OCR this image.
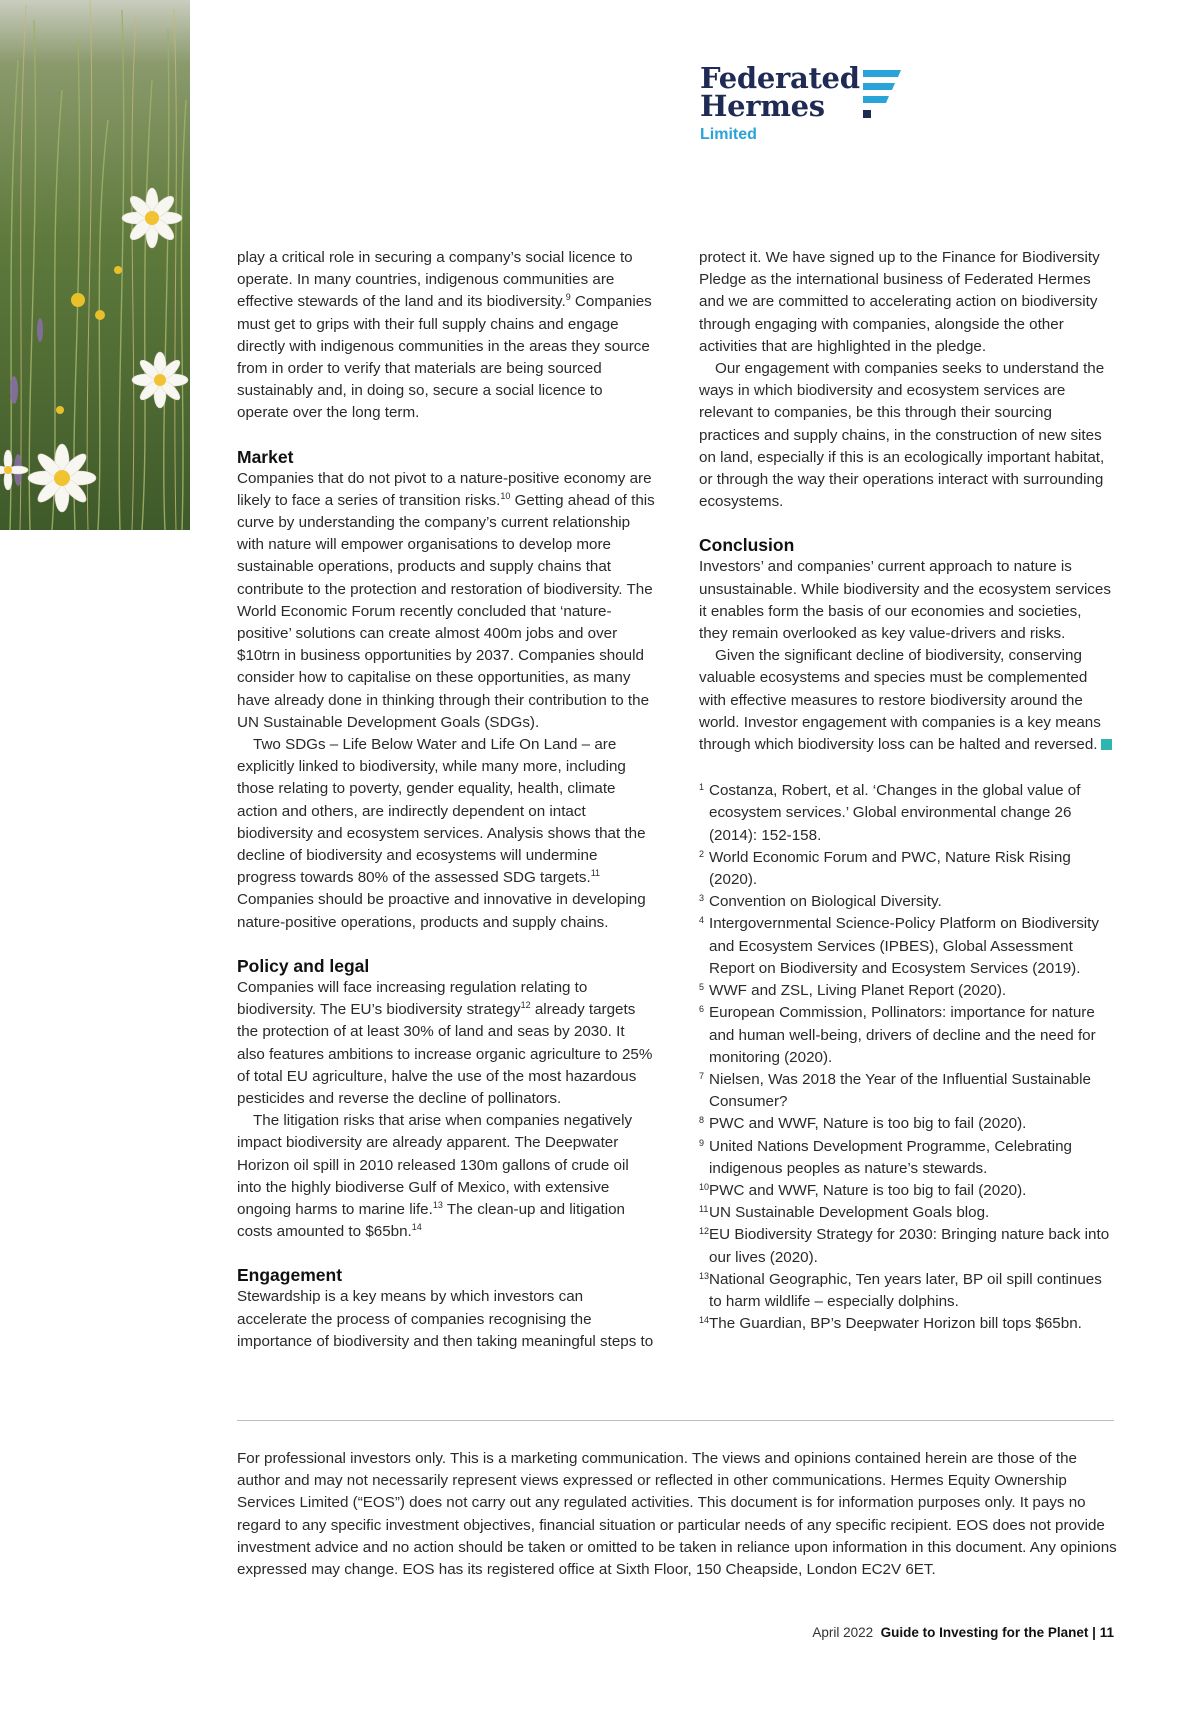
Federated
Hermes
Limited

play a critical role in securing a company’s social licence to operate. In many countries, indigenous communities are effective stewards of the land and its biodiversity.$^9$ Companies must get to grips with their full supply chains and engage directly with indigenous communities in the areas they source from in order to verify that materials are being sourced sustainably and, in doing so, secure a social licence to operate over the long term.

Market

Companies that do not pivot to a nature-positive economy are likely to face a series of transition risks.$^{10}$ Getting ahead of this curve by understanding the company’s current relationship with nature will empower organisations to develop more sustainable operations, products and supply chains that contribute to the protection and restoration of biodiversity. The World Economic Forum recently concluded that ‘nature-positive’ solutions can create almost 400m jobs and over $10trn in business opportunities by 2037. Companies should consider how to capitalise on these opportunities, as many have already done in thinking through their contribution to the UN Sustainable Development Goals (SDGs).

Two SDGs – Life Below Water and Life On Land – are explicitly linked to biodiversity, while many more, including those relating to poverty, gender equality, health, climate action and others, are indirectly dependent on intact biodiversity and ecosystem services. Analysis shows that the decline of biodiversity and ecosystems will undermine progress towards 80% of the assessed SDG targets.$^{11}$ Companies should be proactive and innovative in developing nature-positive operations, products and supply chains.

Policy and legal

Companies will face increasing regulation relating to biodiversity. The EU’s biodiversity strategy$^{12}$ already targets the protection of at least 30% of land and seas by 2030. It also features ambitions to increase organic agriculture to 25% of total EU agriculture, halve the use of the most hazardous pesticides and reverse the decline of pollinators.

The litigation risks that arise when companies negatively impact biodiversity are already apparent. The Deepwater Horizon oil spill in 2010 released 130m gallons of crude oil into the highly biodiverse Gulf of Mexico, with extensive ongoing harms to marine life.$^{13}$ The clean-up and litigation costs amounted to $65bn.$^{14}$

Engagement

Stewardship is a key means by which investors can accelerate the process of companies recognising the importance of biodiversity and then taking meaningful steps to

protect it. We have signed up to the Finance for Biodiversity Pledge as the international business of Federated Hermes and we are committed to accelerating action on biodiversity through engaging with companies, alongside the other activities that are highlighted in the pledge.

Our engagement with companies seeks to understand the ways in which biodiversity and ecosystem services are relevant to companies, be this through their sourcing practices and supply chains, in the construction of new sites on land, especially if this is an ecologically important habitat, or through the way their operations interact with surrounding ecosystems.

Conclusion

Investors’ and companies’ current approach to nature is unsustainable. While biodiversity and the ecosystem services it enables form the basis of our economies and societies, they remain overlooked as key value-drivers and risks.

Given the significant decline of biodiversity, conserving valuable ecosystems and species must be complemented with effective measures to restore biodiversity around the world. Investor engagement with companies is a key means through which biodiversity loss can be halted and reversed.

1 Costanza, Robert, et al. ‘Changes in the global value of ecosystem services.’ Global environmental change 26 (2014): 152-158.
2 World Economic Forum and PWC, Nature Risk Rising (2020).
3 Convention on Biological Diversity.
4 Intergovernmental Science-Policy Platform on Biodiversity and Ecosystem Services (IPBES), Global Assessment Report on Biodiversity and Ecosystem Services (2019).
5 WWF and ZSL, Living Planet Report (2020).
6 European Commission, Pollinators: importance for nature and human well-being, drivers of decline and the need for monitoring (2020).
7 Nielsen, Was 2018 the Year of the Influential Sustainable Consumer?
8 PWC and WWF, Nature is too big to fail (2020).
9 United Nations Development Programme, Celebrating indigenous peoples as nature’s stewards.
10 PWC and WWF, Nature is too big to fail (2020).
11 UN Sustainable Development Goals blog.
12 EU Biodiversity Strategy for 2030: Bringing nature back into our lives (2020).
13 National Geographic, Ten years later, BP oil spill continues to harm wildlife – especially dolphins.
14 The Guardian, BP’s Deepwater Horizon bill tops $65bn.

For professional investors only. This is a marketing communication. The views and opinions contained herein are those of the author and may not necessarily represent views expressed or reflected in other communications. Hermes Equity Ownership Services Limited (“EOS”) does not carry out any regulated activities. This document is for information purposes only. It pays no regard to any specific investment objectives, financial situation or particular needs of any specific recipient. EOS does not provide investment advice and no action should be taken or omitted to be taken in reliance upon information in this document. Any opinions expressed may change. EOS has its registered office at Sixth Floor, 150 Cheapside, London EC2V 6ET.

April 2022 Guide to Investing for the Planet | 11
